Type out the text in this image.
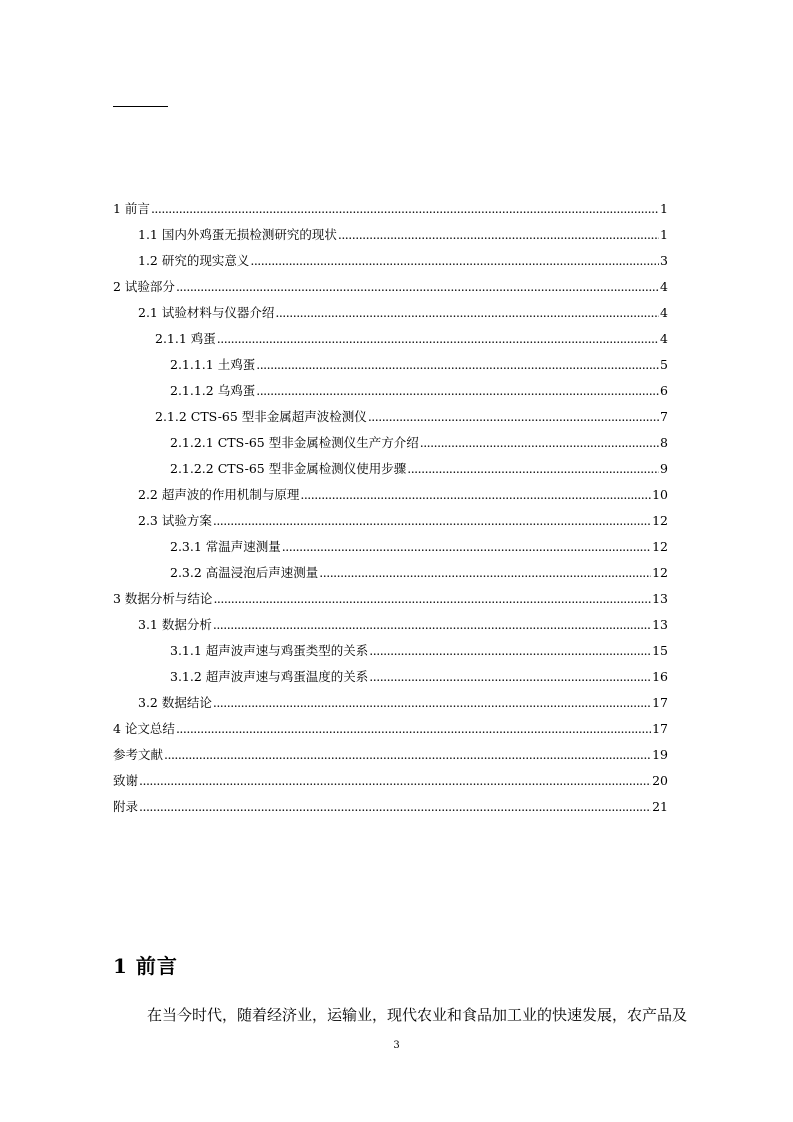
1 前言 .....	1
1.1 国内外鸡蛋无损检测研究的现状 .....	1
1.2 研究的现实意义 .....	3
2 试验部分 .....	4
2.1 试验材料与仪器介绍 .....	4
2.1.1 鸡蛋 .....	4
2.1.1.1 土鸡蛋 .....	5
2.1.1.2 乌鸡蛋 .....	6
2.1.2 CTS-65 型非金属超声波检测仪 .....	7
2.1.2.1 CTS-65 型非金属检测仪生产方介绍 .....	8
2.1.2.2 CTS-65 型非金属检测仪使用步骤 .....	9
2.2 超声波的作用机制与原理 .....	10
2.3 试验方案 .....	12
2.3.1 常温声速测量 .....	12
2.3.2 高温浸泡后声速测量 .....	12
3 数据分析与结论 .....	13
3.1 数据分析 .....	13
3.1.1 超声波声速与鸡蛋类型的关系 .....	15
3.1.2 超声波声速与鸡蛋温度的关系 .....	16
3.2 数据结论 .....	17
4 论文总结 .....	17
参考文献 .....	19
致谢 .....	20
附录 .....	21
1 前言
在当今时代，随着经济业，运输业，现代农业和食品加工业的快速发展，农产品及
3
